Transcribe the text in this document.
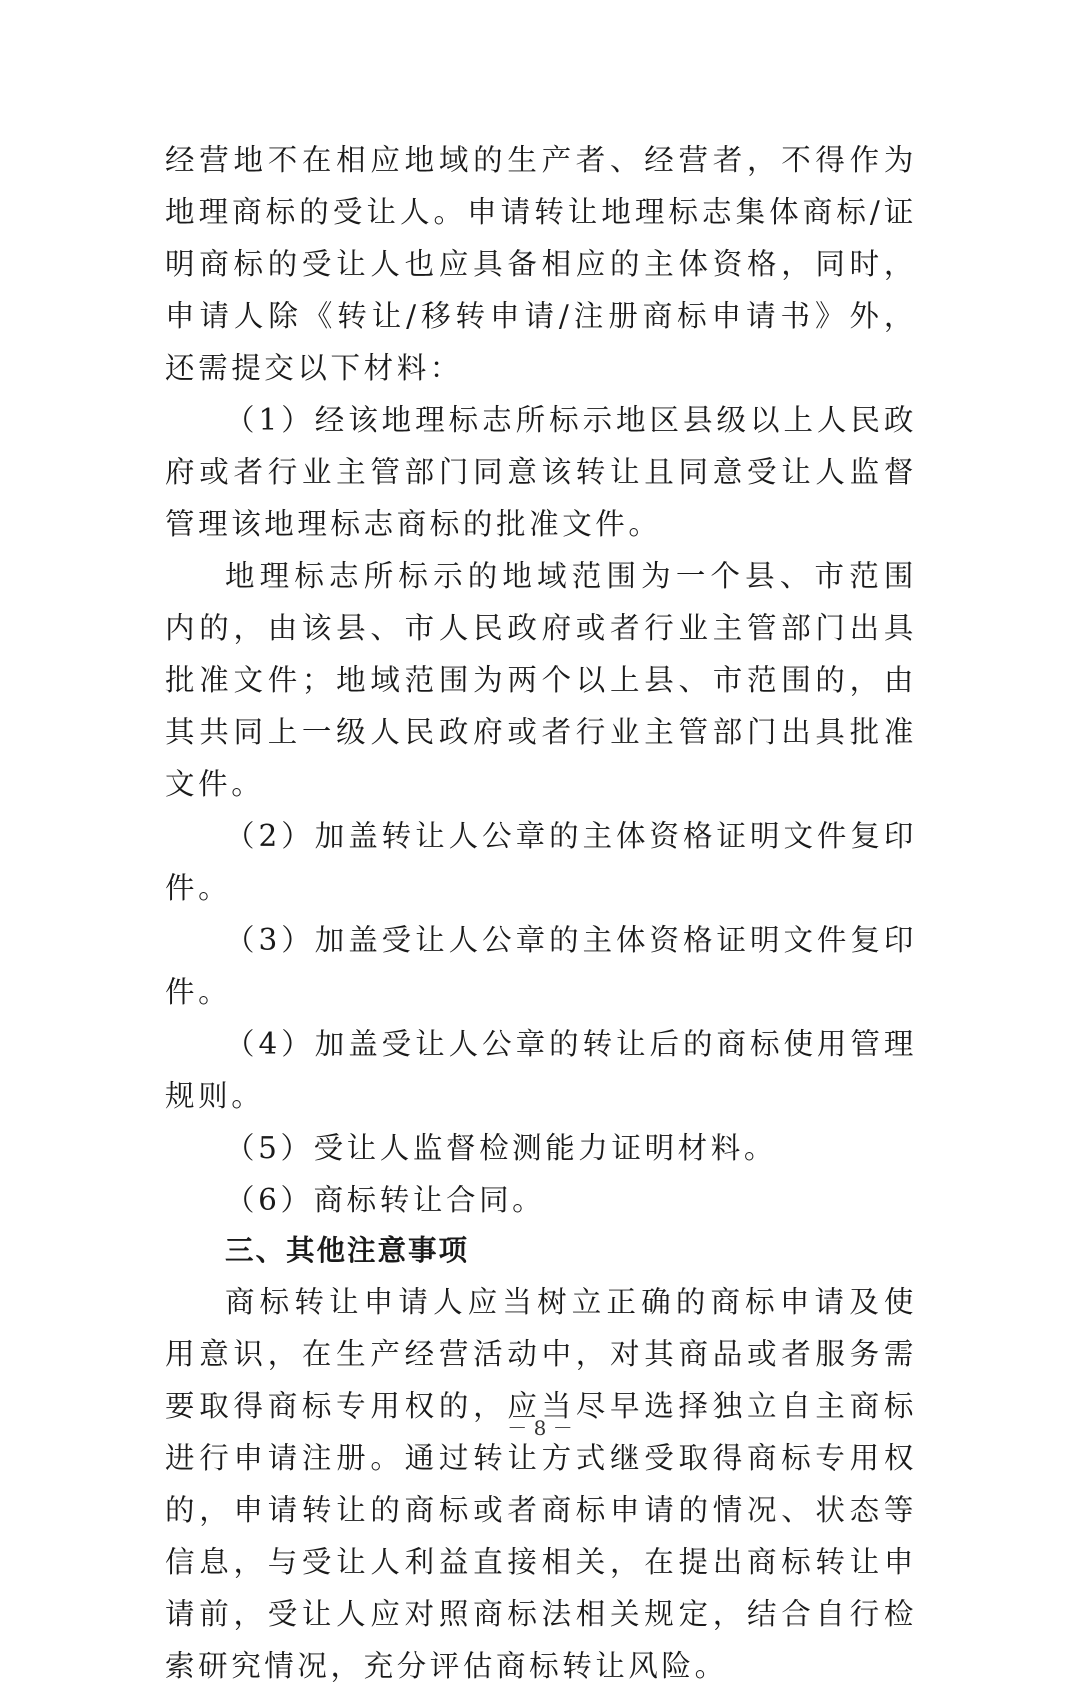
经营地不在相应地域的生产者、经营者，不得作为地理商标的受让人。申请转让地理标志集体商标/证明商标的受让人也应具备相应的主体资格，同时，申请人除《转让/移转申请/注册商标申请书》外，还需提交以下材料：

（1）经该地理标志所标示地区县级以上人民政府或者行业主管部门同意该转让且同意受让人监督管理该地理标志商标的批准文件。

地理标志所标示的地域范围为一个县、市范围内的，由该县、市人民政府或者行业主管部门出具批准文件；地域范围为两个以上县、市范围的，由其共同上一级人民政府或者行业主管部门出具批准文件。

（2）加盖转让人公章的主体资格证明文件复印件。

（3）加盖受让人公章的主体资格证明文件复印件。

（4）加盖受让人公章的转让后的商标使用管理规则。

（5）受让人监督检测能力证明材料。

（6）商标转让合同。

三、其他注意事项

商标转让申请人应当树立正确的商标申请及使用意识，在生产经营活动中，对其商品或者服务需要取得商标专用权的，应当尽早选择独立自主商标进行申请注册。通过转让方式继受取得商标专用权的，申请转让的商标或者商标申请的情况、状态等信息，与受让人利益直接相关，在提出商标转让申请前，受让人应对照商标法相关规定，结合自行检索研究情况，充分评估商标转让风险。

－ 8 －
